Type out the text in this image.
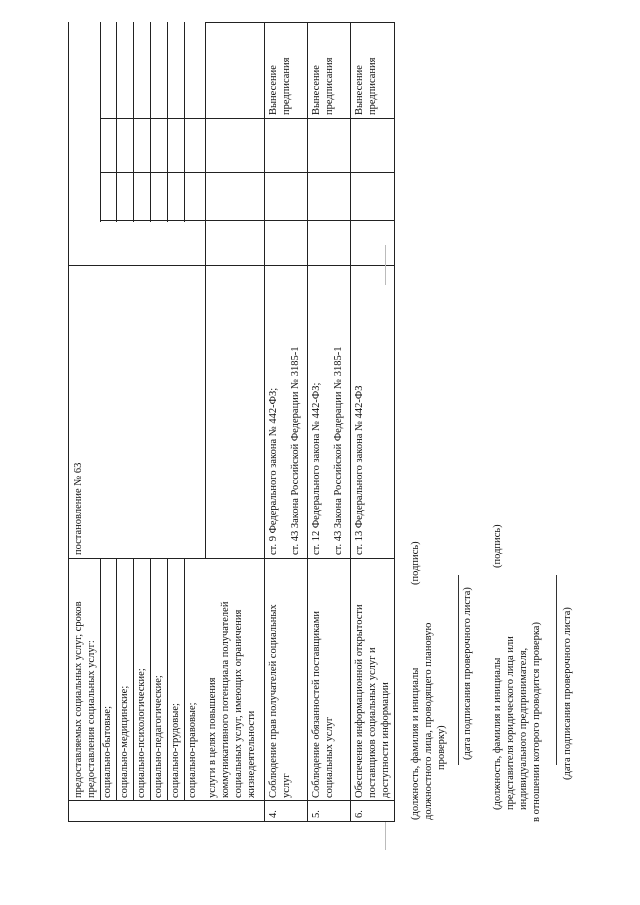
предоставляемых социальных услуг, сроков предоставления социальных услуг: социально-бытовые; социально-медицинские; социально-психологические; социально-педагогические; социально-трудовые; социально-правовые; услуги в целях повышения коммуникативного потенциала получателей социальных услуг, имеющих ограничения жизнедеятельности
постановление № 63
4.
Соблюдение прав получателей социальных услуг
ст. 9 Федерального закона № 442-ФЗ; ст. 43 Закона Российской Федерации № 3185-1
Вынесение предписания
5.
Соблюдение обязанностей поставщиками социальных услуг
ст. 12 Федерального закона № 442-ФЗ; ст. 43 Закона Российской Федерации № 3185-1
Вынесение предписания
6.
Обеспечение информационной открытости поставщиков социальных услуг и доступности информации
ст. 13 Федерального закона № 442-ФЗ
Вынесение предписания
(должность, фамилия и инициалы должностного лица, проводящего плановую проверку)
(подпись)
(дата подписания проверочного листа) (должность, фамилия и инициалы представителя юридического лица или индивидуального предпринимателя, в отношении которого проводится проверка)
(подпись)
(дата подписания проверочного листа)
